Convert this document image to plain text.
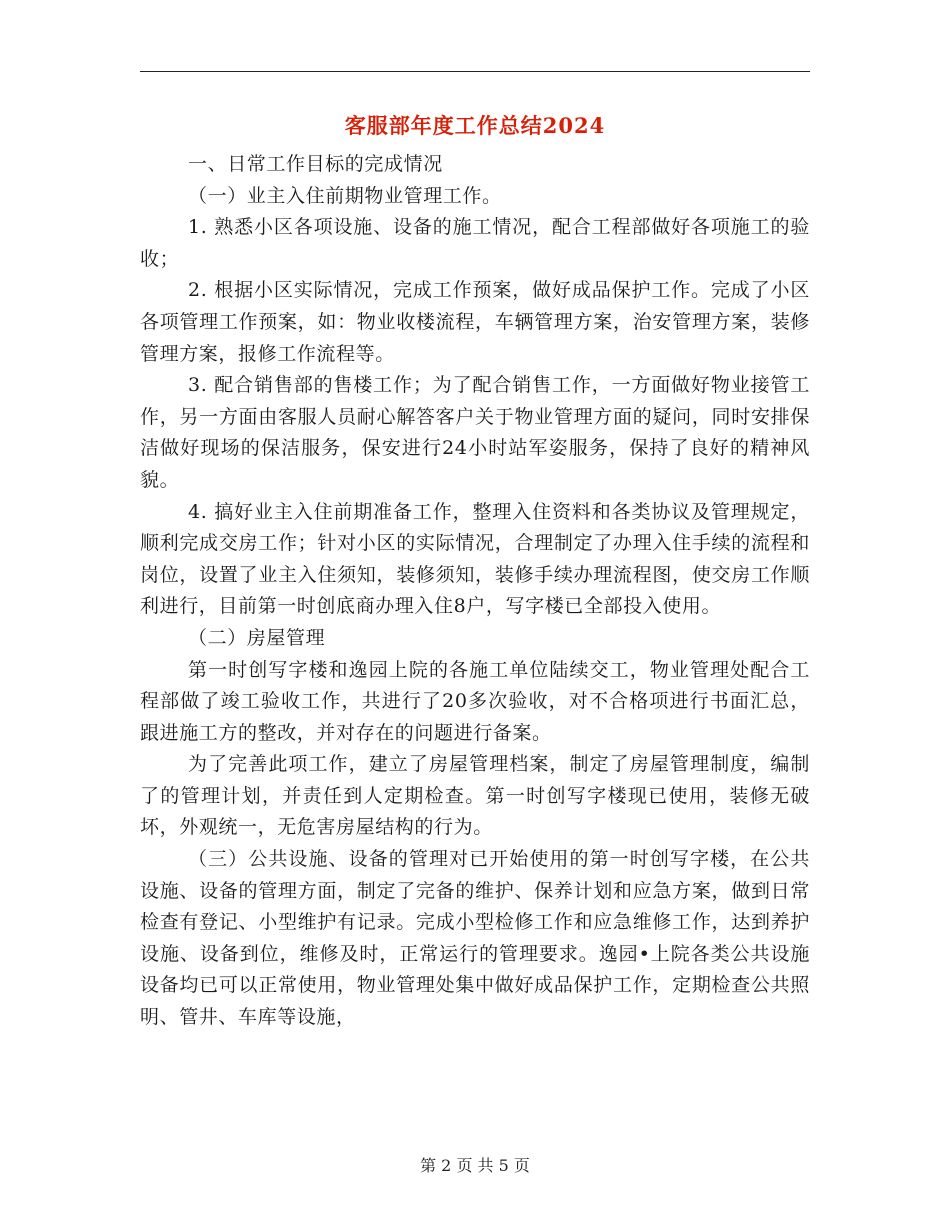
客服部年度工作总结2024

一、日常工作目标的完成情况

（一）业主入住前期物业管理工作。

1. 熟悉小区各项设施、设备的施工情况，配合工程部做好各项施工的验收；

2. 根据小区实际情况，完成工作预案，做好成品保护工作。完成了小区各项管理工作预案，如：物业收楼流程，车辆管理方案，治安管理方案，装修管理方案，报修工作流程等。

3. 配合销售部的售楼工作；为了配合销售工作，一方面做好物业接管工作，另一方面由客服人员耐心解答客户关于物业管理方面的疑问，同时安排保洁做好现场的保洁服务，保安进行24小时站军姿服务，保持了良好的精神风貌。

4. 搞好业主入住前期准备工作，整理入住资料和各类协议及管理规定，顺利完成交房工作；针对小区的实际情况，合理制定了办理入住手续的流程和岗位，设置了业主入住须知，装修须知，装修手续办理流程图，使交房工作顺利进行，目前第一时创底商办理入住8户，写字楼已全部投入使用。

（二）房屋管理

第一时创写字楼和逸园上院的各施工单位陆续交工，物业管理处配合工程部做了竣工验收工作，共进行了20多次验收，对不合格项进行书面汇总，跟进施工方的整改，并对存在的问题进行备案。

为了完善此项工作，建立了房屋管理档案，制定了房屋管理制度，编制了的管理计划，并责任到人定期检查。第一时创写字楼现已使用，装修无破坏，外观统一，无危害房屋结构的行为。

（三）公共设施、设备的管理对已开始使用的第一时创写字楼，在公共设施、设备的管理方面，制定了完备的维护、保养计划和应急方案，做到日常检查有登记、小型维护有记录。完成小型检修工作和应急维修工作，达到养护设施、设备到位，维修及时，正常运行的管理要求。逸园•上院各类公共设施设备均已可以正常使用，物业管理处集中做好成品保护工作，定期检查公共照明、管井、车库等设施，

第 2 页 共 5 页
